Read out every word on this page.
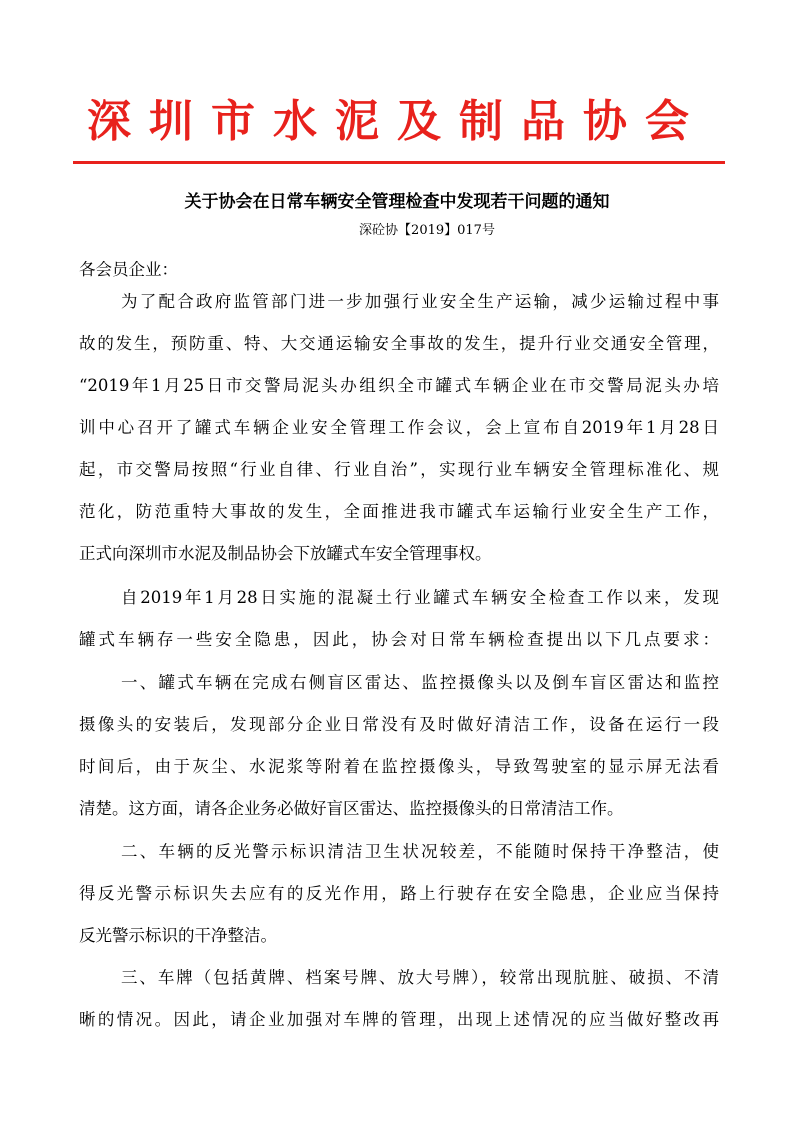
深圳市水泥及制品协会
关于协会在日常车辆安全管理检查中发现若干问题的通知
深砼协【2019】017号
各会员企业：
为了配合政府监管部门进一步加强行业安全生产运输，减少运输过程中事
故的发生，预防重、特、大交通运输安全事故的发生，提升行业交通安全管理，
“2019年1月25日市交警局泥头办组织全市罐式车辆企业在市交警局泥头办培
训中心召开了罐式车辆企业安全管理工作会议，会上宣布自2019年1月28日
起，市交警局按照“行业自律、行业自治”，实现行业车辆安全管理标准化、规
范化，防范重特大事故的发生，全面推进我市罐式车运输行业安全生产工作，
正式向深圳市水泥及制品协会下放罐式车安全管理事权。
自2019年1月28日实施的混凝土行业罐式车辆安全检查工作以来，发现
罐式车辆存一些安全隐患，因此，协会对日常车辆检查提出以下几点要求：
一、罐式车辆在完成右侧盲区雷达、监控摄像头以及倒车盲区雷达和监控
摄像头的安装后，发现部分企业日常没有及时做好清洁工作，设备在运行一段
时间后，由于灰尘、水泥浆等附着在监控摄像头，导致驾驶室的显示屏无法看
清楚。这方面，请各企业务必做好盲区雷达、监控摄像头的日常清洁工作。
二、车辆的反光警示标识清洁卫生状况较差，不能随时保持干净整洁，使
得反光警示标识失去应有的反光作用，路上行驶存在安全隐患，企业应当保持
反光警示标识的干净整洁。
三、车牌（包括黄牌、档案号牌、放大号牌），较常出现肮脏、破损、不清
晰的情况。因此，请企业加强对车牌的管理，出现上述情况的应当做好整改再
